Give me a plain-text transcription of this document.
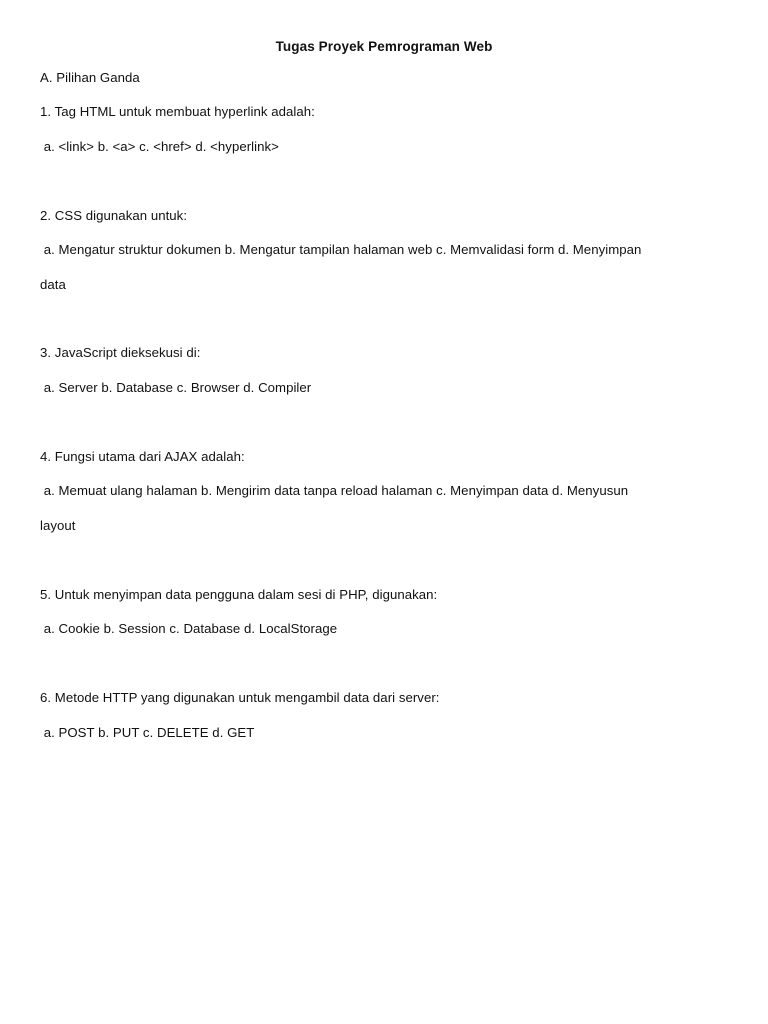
Tugas Proyek Pemrograman Web
A. Pilihan Ganda
1. Tag HTML untuk membuat hyperlink adalah:
a. <link> b. <a> c. <href> d. <hyperlink>
2. CSS digunakan untuk:
a. Mengatur struktur dokumen b. Mengatur tampilan halaman web c. Memvalidasi form d. Menyimpan
data
3. JavaScript dieksekusi di:
a. Server b. Database c. Browser d. Compiler
4. Fungsi utama dari AJAX adalah:
a. Memuat ulang halaman b. Mengirim data tanpa reload halaman c. Menyimpan data d. Menyusun
layout
5. Untuk menyimpan data pengguna dalam sesi di PHP, digunakan:
a. Cookie b. Session c. Database d. LocalStorage
6. Metode HTTP yang digunakan untuk mengambil data dari server:
a. POST b. PUT c. DELETE d. GET
